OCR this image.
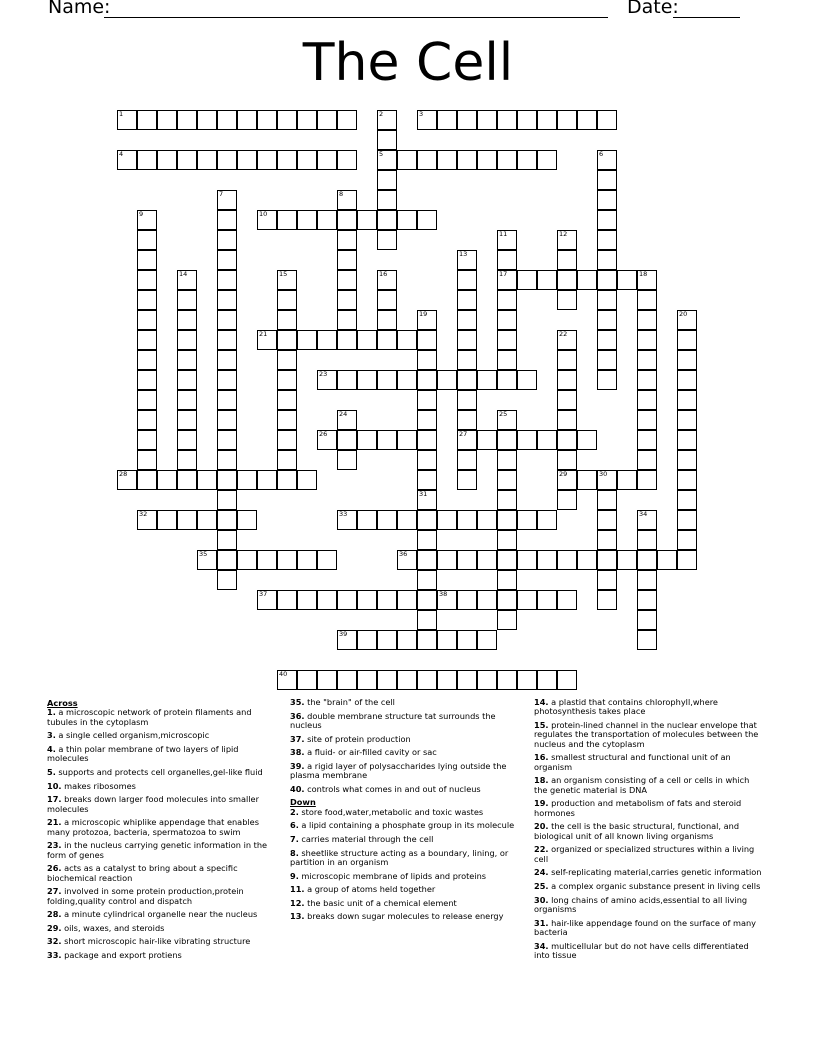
Name:	Date:
The Cell
1	3
4	5
10
17	18
21
23
26	27
28	29	30
32	33
35	36
37	38
39
40
2
6
7	8
9
11	12
13
14	15	16
19	20
22
24	25
31
34
Across
1. a microscopic network of protein filaments and tubules in the cytoplasm
3. a single celled organism,microscopic
4. a thin polar membrane of two layers of lipid molecules
5. supports and protects cell organelles,gel-like fluid
10. makes ribosomes
17. breaks down larger food molecules into smaller molecules
21. a microscopic whiplike appendage that enables many protozoa, bacteria, spermatozoa to swim
23. in the nucleus carrying genetic information in the form of genes
26. acts as a catalyst to bring about a specific biochemical reaction
27. involved in some protein production,protein folding,quality control and dispatch
28. a minute cylindrical organelle near the nucleus
29. oils, waxes, and steroids
32. short microscopic hair-like vibrating structure
33. package and export protiens
35. the "brain" of the cell
36. double membrane structure tat surrounds the nucleus
37. site of protein production
38. a fluid- or air-filled cavity or sac
39. a rigid layer of polysaccharides lying outside the plasma membrane
40. controls what comes in and out of nucleus
Down
2. store food,water,metabolic and toxic wastes
6. a lipid containing a phosphate group in its molecule
7. carries material through the cell
8. sheetlike structure acting as a boundary, lining, or partition in an organism
9. microscopic membrane of lipids and proteins
11. a group of atoms held together
12. the basic unit of a chemical element
13. breaks down sugar molecules to release energy
14. a plastid that contains chlorophyll,where photosynthesis takes place
15. protein-lined channel in the nuclear envelope that regulates the transportation of molecules between the nucleus and the cytoplasm
16. smallest structural and functional unit of an organism
18. an organism consisting of a cell or cells in which the genetic material is DNA
19. production and metabolism of fats and steroid hormones
20. the cell is the basic structural, functional, and biological unit of all known living organisms
22. organized or specialized structures within a living cell
24. self-replicating material,carries genetic information
25. a complex organic substance present in living cells
30. long chains of amino acids,essential to all living organisms
31. hair-like appendage found on the surface of many bacteria
34. multicellular but do not have cells differentiated into tissue
